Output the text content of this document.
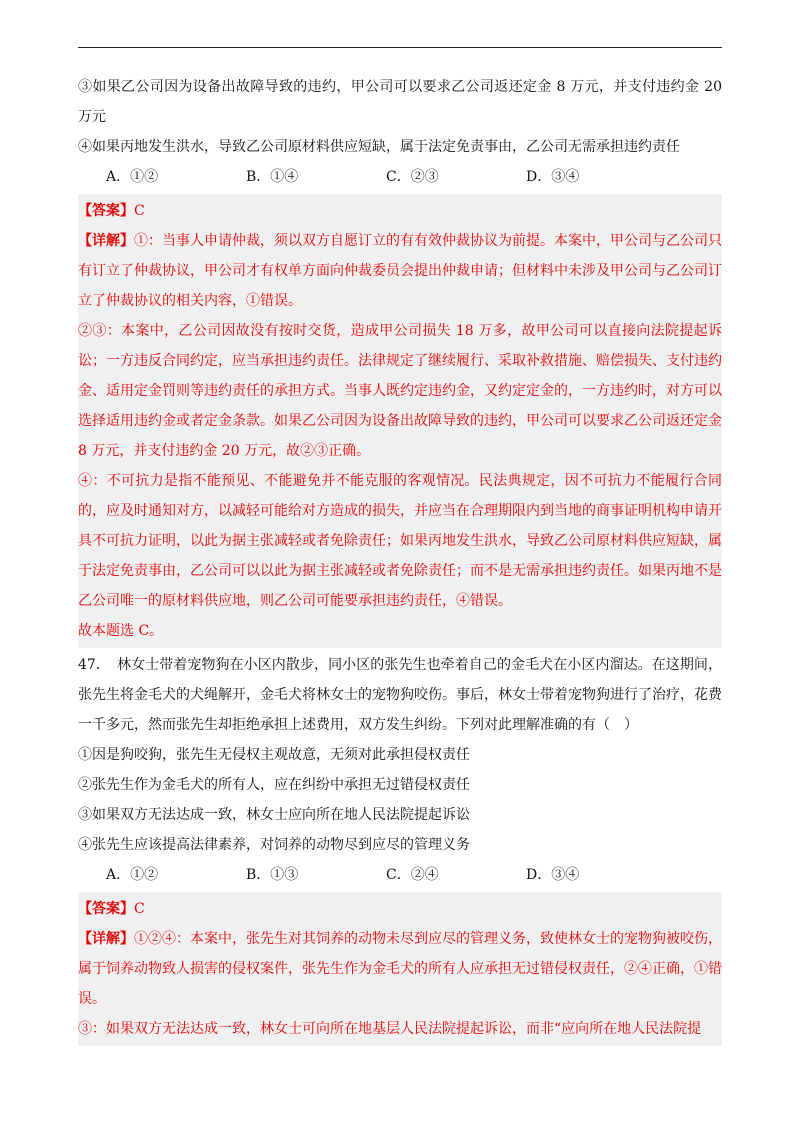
③如果乙公司因为设备出故障导致的违约，甲公司可以要求乙公司返还定金 8 万元，并支付违约金 20 万元
④如果丙地发生洪水，导致乙公司原材料供应短缺，属于法定免责事由，乙公司无需承担违约责任
A．①②	B．①④	C．②③	D．③④
【答案】C
【详解】①：当事人申请仲裁，须以双方自愿订立的有有效仲裁协议为前提。本案中，甲公司与乙公司只有订立了仲裁协议，甲公司才有权单方面向仲裁委员会提出仲裁申请；但材料中未涉及甲公司与乙公司订立了仲裁协议的相关内容，①错误。
②③：本案中，乙公司因故没有按时交货，造成甲公司损失 18 万多，故甲公司可以直接向法院提起诉讼；一方违反合同约定，应当承担违约责任。法律规定了继续履行、采取补救措施、赔偿损失、支付违约金、适用定金罚则等违约责任的承担方式。当事人既约定违约金，又约定定金的，一方违约时，对方可以选择适用违约金或者定金条款。如果乙公司因为设备出故障导致的违约，甲公司可以要求乙公司返还定金 8 万元，并支付违约金 20 万元，故②③正确。
④：不可抗力是指不能预见、不能避免并不能克服的客观情况。民法典规定，因不可抗力不能履行合同的，应及时通知对方，以减轻可能给对方造成的损失，并应当在合理期限内到当地的商事证明机构申请开具不可抗力证明，以此为据主张减轻或者免除责任；如果丙地发生洪水，导致乙公司原材料供应短缺，属于法定免责事由，乙公司可以以此为据主张减轻或者免除责任；而不是无需承担违约责任。如果丙地不是乙公司唯一的原材料供应地，则乙公司可能要承担违约责任，④错误。
故本题选 C。
47．　林女士带着宠物狗在小区内散步，同小区的张先生也牵着自己的金毛犬在小区内溜达。在这期间，张先生将金毛犬的犬绳解开，金毛犬将林女士的宠物狗咬伤。事后，林女士带着宠物狗进行了治疗，花费一千多元，然而张先生却拒绝承担上述费用，双方发生纠纷。下列对此理解准确的有（　）
①因是狗咬狗，张先生无侵权主观故意，无须对此承担侵权责任
②张先生作为金毛犬的所有人，应在纠纷中承担无过错侵权责任
③如果双方无法达成一致，林女士应向所在地人民法院提起诉讼
④张先生应该提高法律素养，对饲养的动物尽到应尽的管理义务
A．①②	B．①③	C．②④	D．③④
【答案】C
【详解】①②④：本案中，张先生对其饲养的动物未尽到应尽的管理义务，致使林女士的宠物狗被咬伤，属于饲养动物致人损害的侵权案件，张先生作为金毛犬的所有人应承担无过错侵权责任，②④正确，①错误。
③：如果双方无法达成一致，林女士可向所在地基层人民法院提起诉讼，而非“应向所在地人民法院提
